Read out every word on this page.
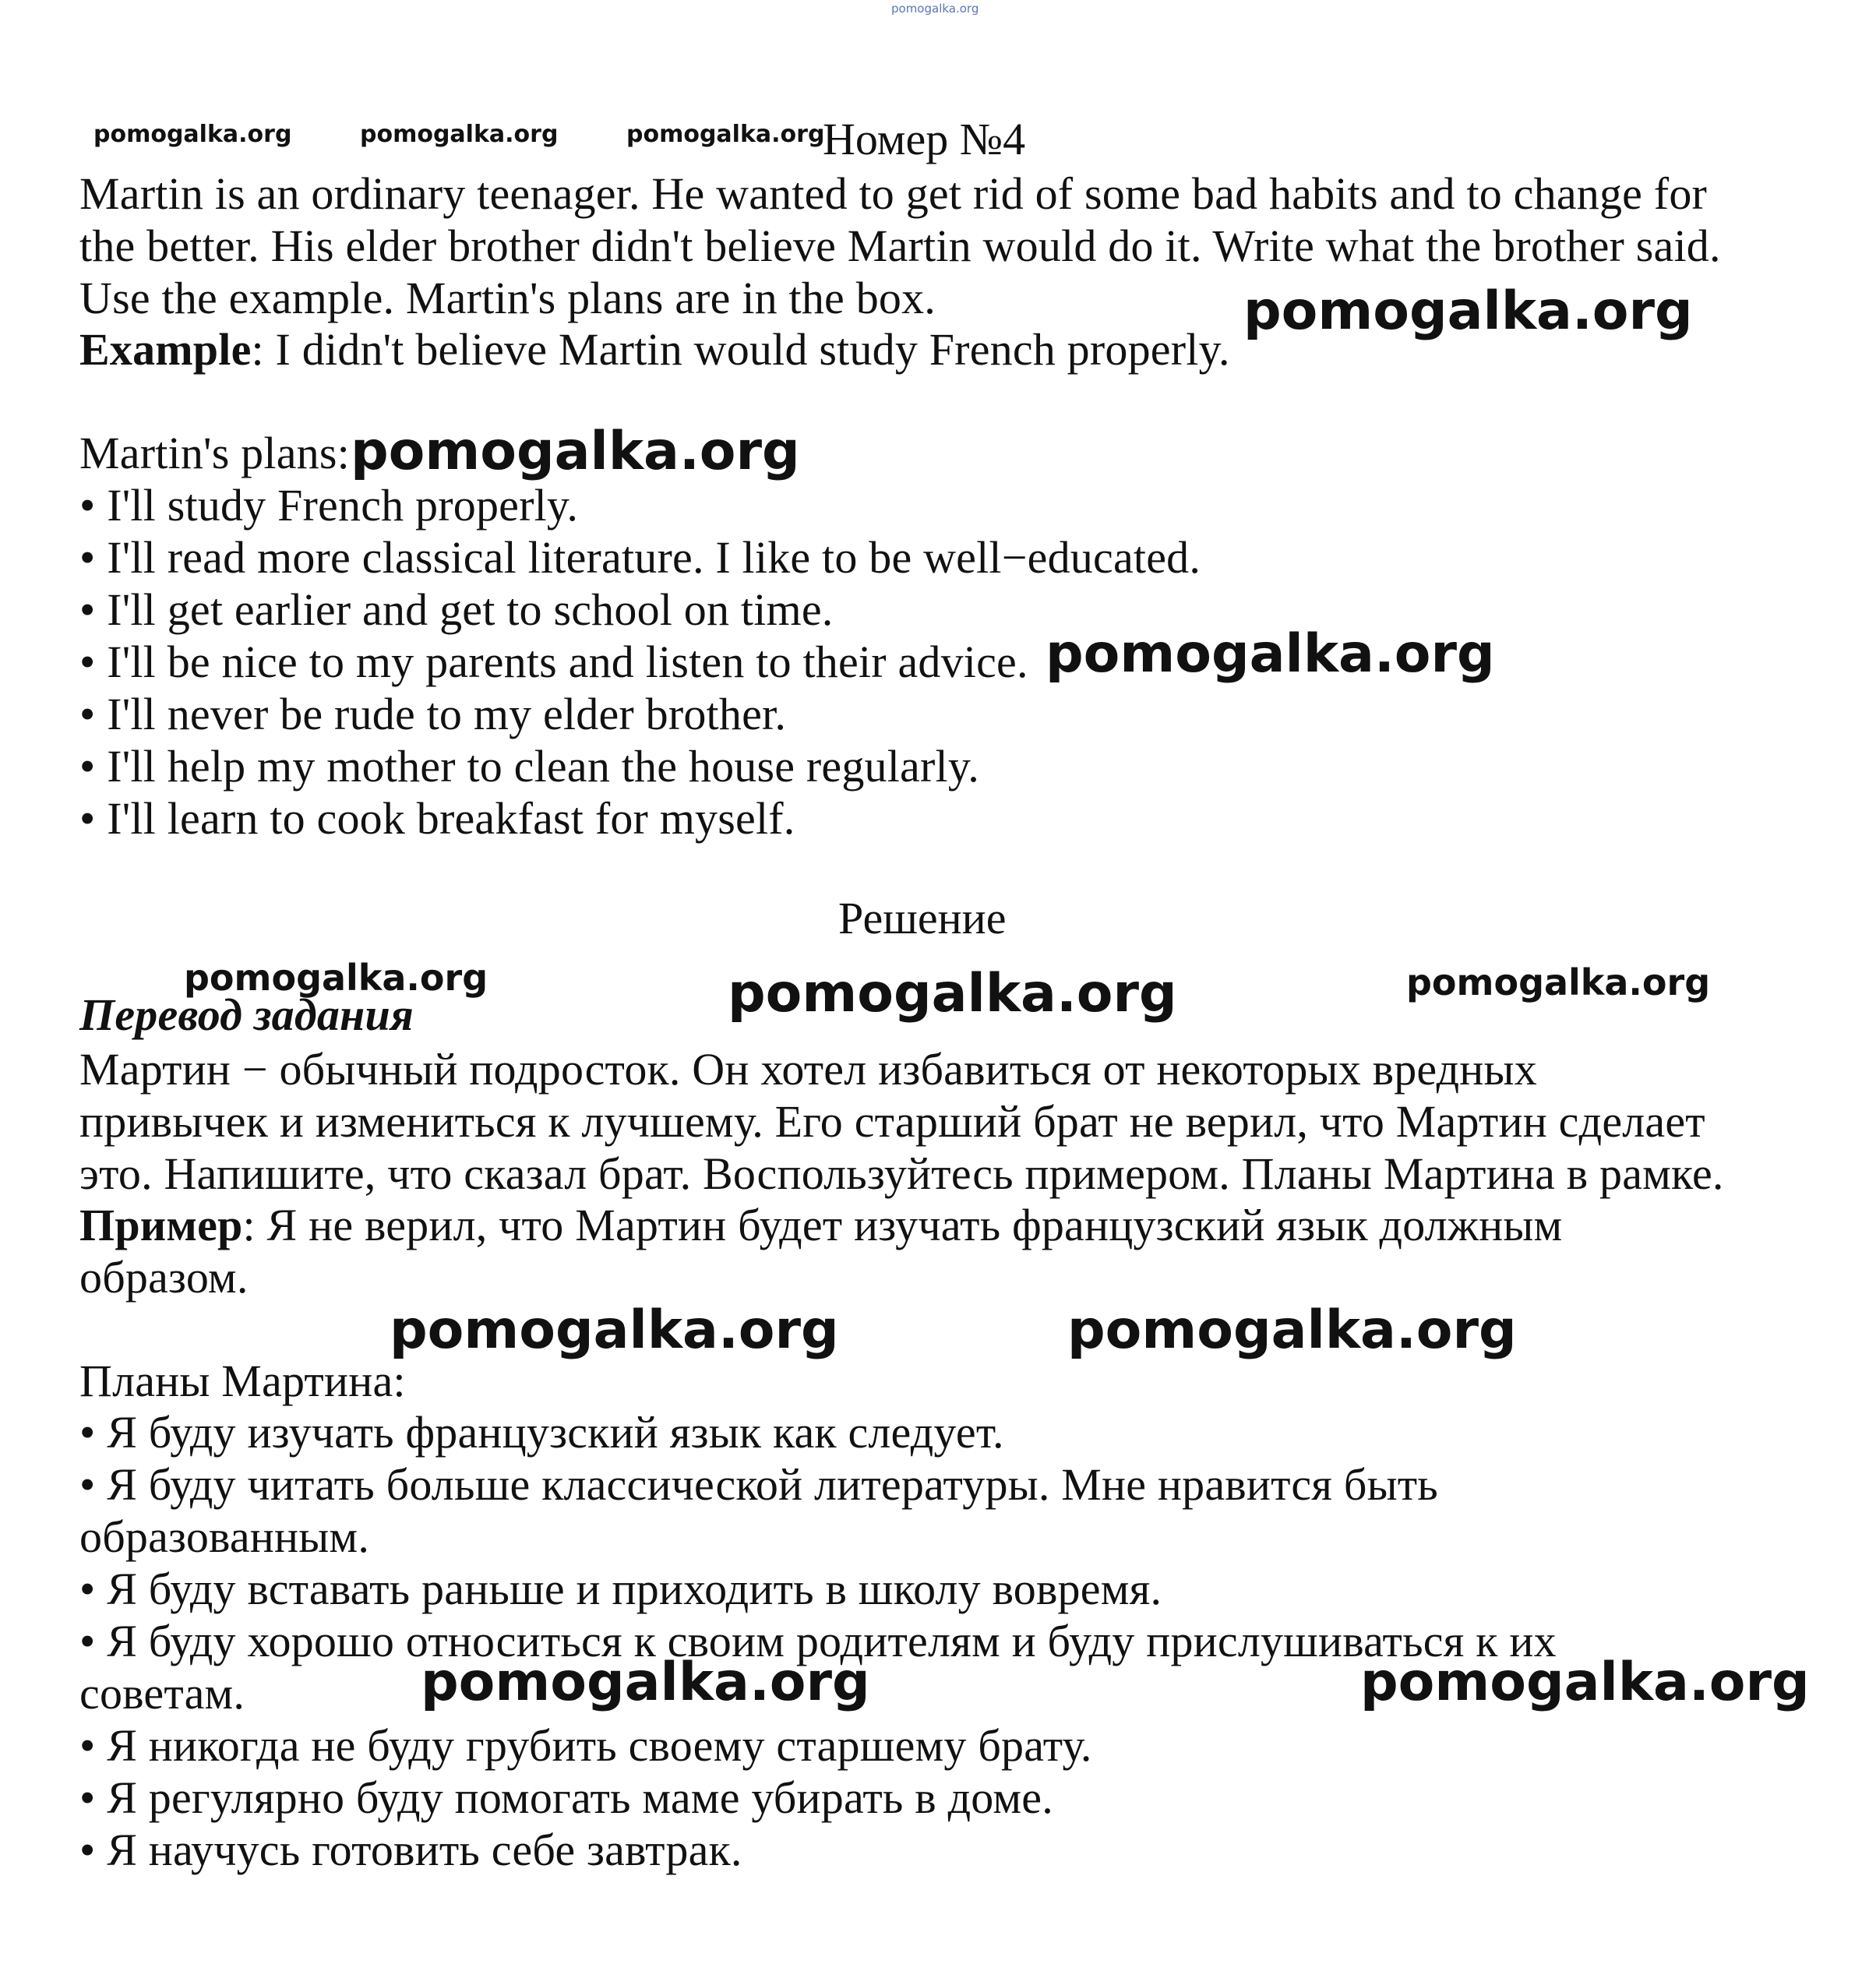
pomogalka.org
pomogalka.org	pomogalka.org	pomogalka.org
pomogalka.org
pomogalka.org
pomogalka.org
pomogalka.org	pomogalka.org	pomogalka.org
pomogalka.org	pomogalka.org
pomogalka.org	pomogalka.org
Номер №4
Martin is an ordinary teenager. He wanted to get rid of some bad habits and to change for
the better. His elder brother didn't believe Martin would do it. Write what the brother said.
Use the example. Martin's plans are in the box.
Example: I didn't believe Martin would study French properly.
Martin's plans:
• I'll study French properly.
• I'll read more classical literature. I like to be well−educated.
• I'll get earlier and get to school on time.
• I'll be nice to my parents and listen to their advice.
• I'll never be rude to my elder brother.
• I'll help my mother to clean the house regularly.
• I'll learn to cook breakfast for myself.
Решение
Перевод задания
Мартин − обычный подросток. Он хотел избавиться от некоторых вредных
привычек и измениться к лучшему. Его старший брат не верил, что Мартин сделает
это. Напишите, что сказал брат. Воспользуйтесь примером. Планы Мартина в рамке.
Пример: Я не верил, что Мартин будет изучать французский язык должным
образом.
Планы Мартина:
• Я буду изучать французский язык как следует.
• Я буду читать больше классической литературы. Мне нравится быть
образованным.
• Я буду вставать раньше и приходить в школу вовремя.
• Я буду хорошо относиться к своим родителям и буду прислушиваться к их
советам.
• Я никогда не буду грубить своему старшему брату.
• Я регулярно буду помогать маме убирать в доме.
• Я научусь готовить себе завтрак.
